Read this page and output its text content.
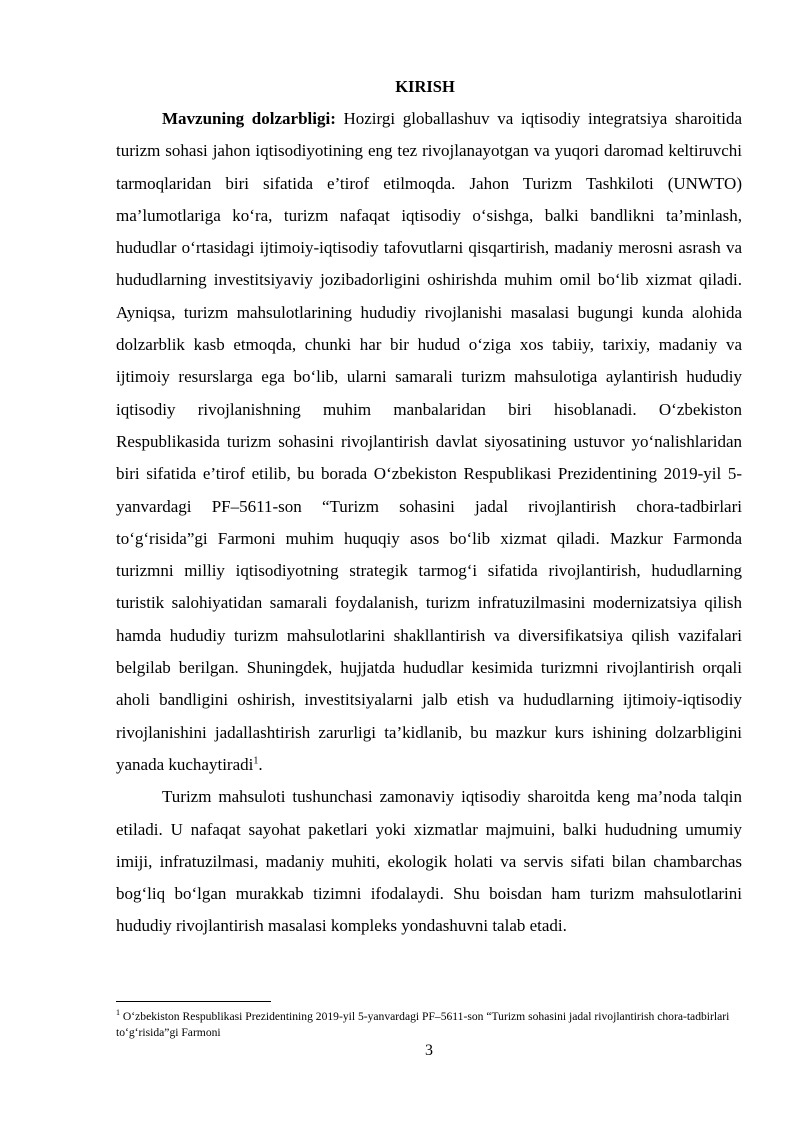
KIRISH

Mavzuning dolzarbligi: Hozirgi globallashuv va iqtisodiy integratsiya sharoitida turizm sohasi jahon iqtisodiyotining eng tez rivojlanayotgan va yuqori daromad keltiruvchi tarmoqlaridan biri sifatida e’tirof etilmoqda. Jahon Turizm Tashkiloti (UNWTO) ma’lumotlariga ko‘ra, turizm nafaqat iqtisodiy o‘sishga, balki bandlikni ta’minlash, hududlar o‘rtasidagi ijtimoiy-iqtisodiy tafovutlarni qisqartirish, madaniy merosni asrash va hududlarning investitsiyaviy jozibadorligini oshirishda muhim omil bo‘lib xizmat qiladi. Ayniqsa, turizm mahsulotlarining hududiy rivojlanishi masalasi bugungi kunda alohida dolzarblik kasb etmoqda, chunki har bir hudud o‘ziga xos tabiiy, tarixiy, madaniy va ijtimoiy resurslarga ega bo‘lib, ularni samarali turizm mahsulotiga aylantirish hududiy iqtisodiy rivojlanishning muhim manbalaridan biri hisoblanadi. O‘zbekiston Respublikasida turizm sohasini rivojlantirish davlat siyosatining ustuvor yo‘nalishlaridan biri sifatida e’tirof etilib, bu borada O‘zbekiston Respublikasi Prezidentining 2019-yil 5-yanvardagi PF–5611-son “Turizm sohasini jadal rivojlantirish chora-tadbirlari to‘g‘risida”gi Farmoni muhim huquqiy asos bo‘lib xizmat qiladi. Mazkur Farmonda turizmni milliy iqtisodiyotning strategik tarmog‘i sifatida rivojlantirish, hududlarning turistik salohiyatidan samarali foydalanish, turizm infratuzilmasini modernizatsiya qilish hamda hududiy turizm mahsulotlarini shakllantirish va diversifikatsiya qilish vazifalari belgilab berilgan. Shuningdek, hujjatda hududlar kesimida turizmni rivojlantirish orqali aholi bandligini oshirish, investitsiyalarni jalb etish va hududlarning ijtimoiy-iqtisodiy rivojlanishini jadallashtirish zarurligi ta’kidlanib, bu mazkur kurs ishining dolzarbligini yanada kuchaytiradi$^1$.

Turizm mahsuloti tushunchasi zamonaviy iqtisodiy sharoitda keng ma’noda talqin etiladi. U nafaqat sayohat paketlari yoki xizmatlar majmuini, balki hududning umumiy imiji, infratuzilmasi, madaniy muhiti, ekologik holati va servis sifati bilan chambarchas bog‘liq bo‘lgan murakkab tizimni ifodalaydi. Shu boisdan ham turizm mahsulotlarini hududiy rivojlantirish masalasi kompleks yondashuvni talab etadi.

$^1$ O‘zbekiston Respublikasi Prezidentining 2019-yil 5-yanvardagi PF–5611-son “Turizm sohasini jadal rivojlantirish chora-tadbirlari to‘g‘risida”gi Farmoni
3
